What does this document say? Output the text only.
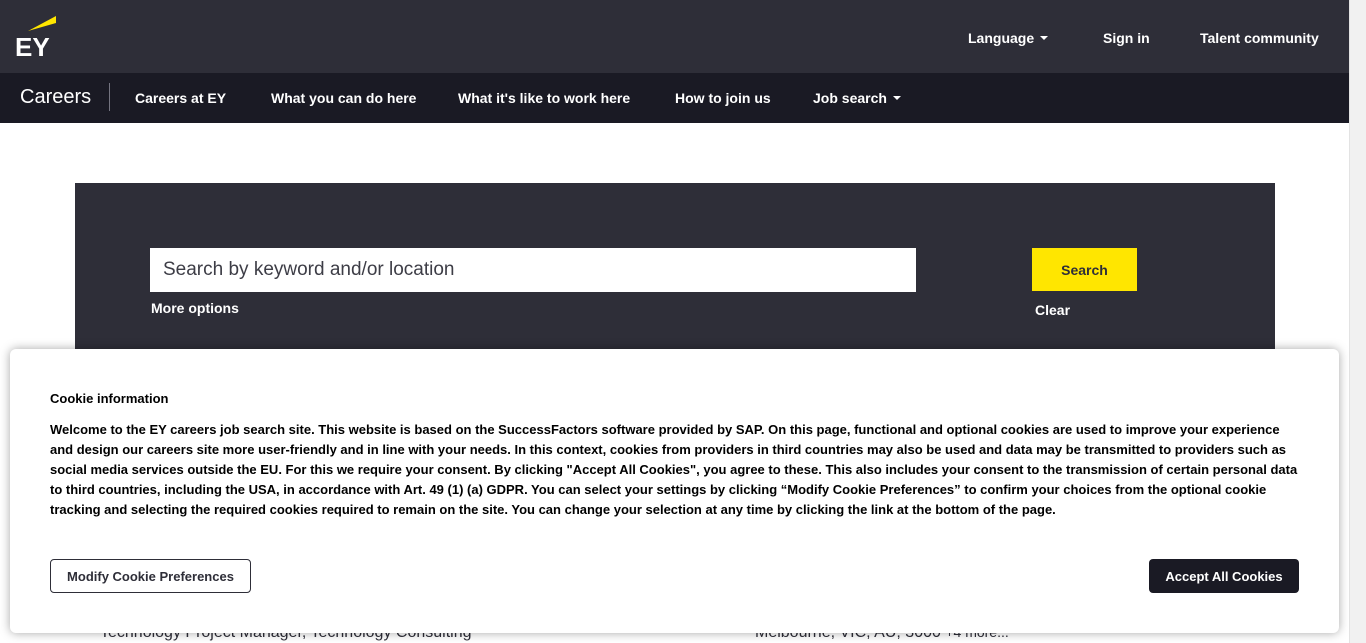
EY	Language	Sign in	Talent community
Careers	Careers at EY	What you can do here	What it's like to work here	How to join us	Job search
Search by keyword and/or location
More options
Search
Clear
Cookie information
Welcome to the EY careers job search site. This website is based on the SuccessFactors software provided by SAP. On this page, functional and optional cookies are used to improve your experience and design our careers site more user-friendly and in line with your needs. In this context, cookies from providers in third countries may also be used and data may be transmitted to providers such as social media services outside the EU. For this we require your consent. By clicking "Accept All Cookies", you agree to these. This also includes your consent to the transmission of certain personal data to third countries, including the USA, in accordance with Art. 49 (1) (a) GDPR. You can select your settings by clicking “Modify Cookie Preferences” to confirm your choices from the optional cookie tracking and selecting the required cookies required to remain on the site. You can change your selection at any time by clicking the link at the bottom of the page.
Modify Cookie Preferences	Accept All Cookies
